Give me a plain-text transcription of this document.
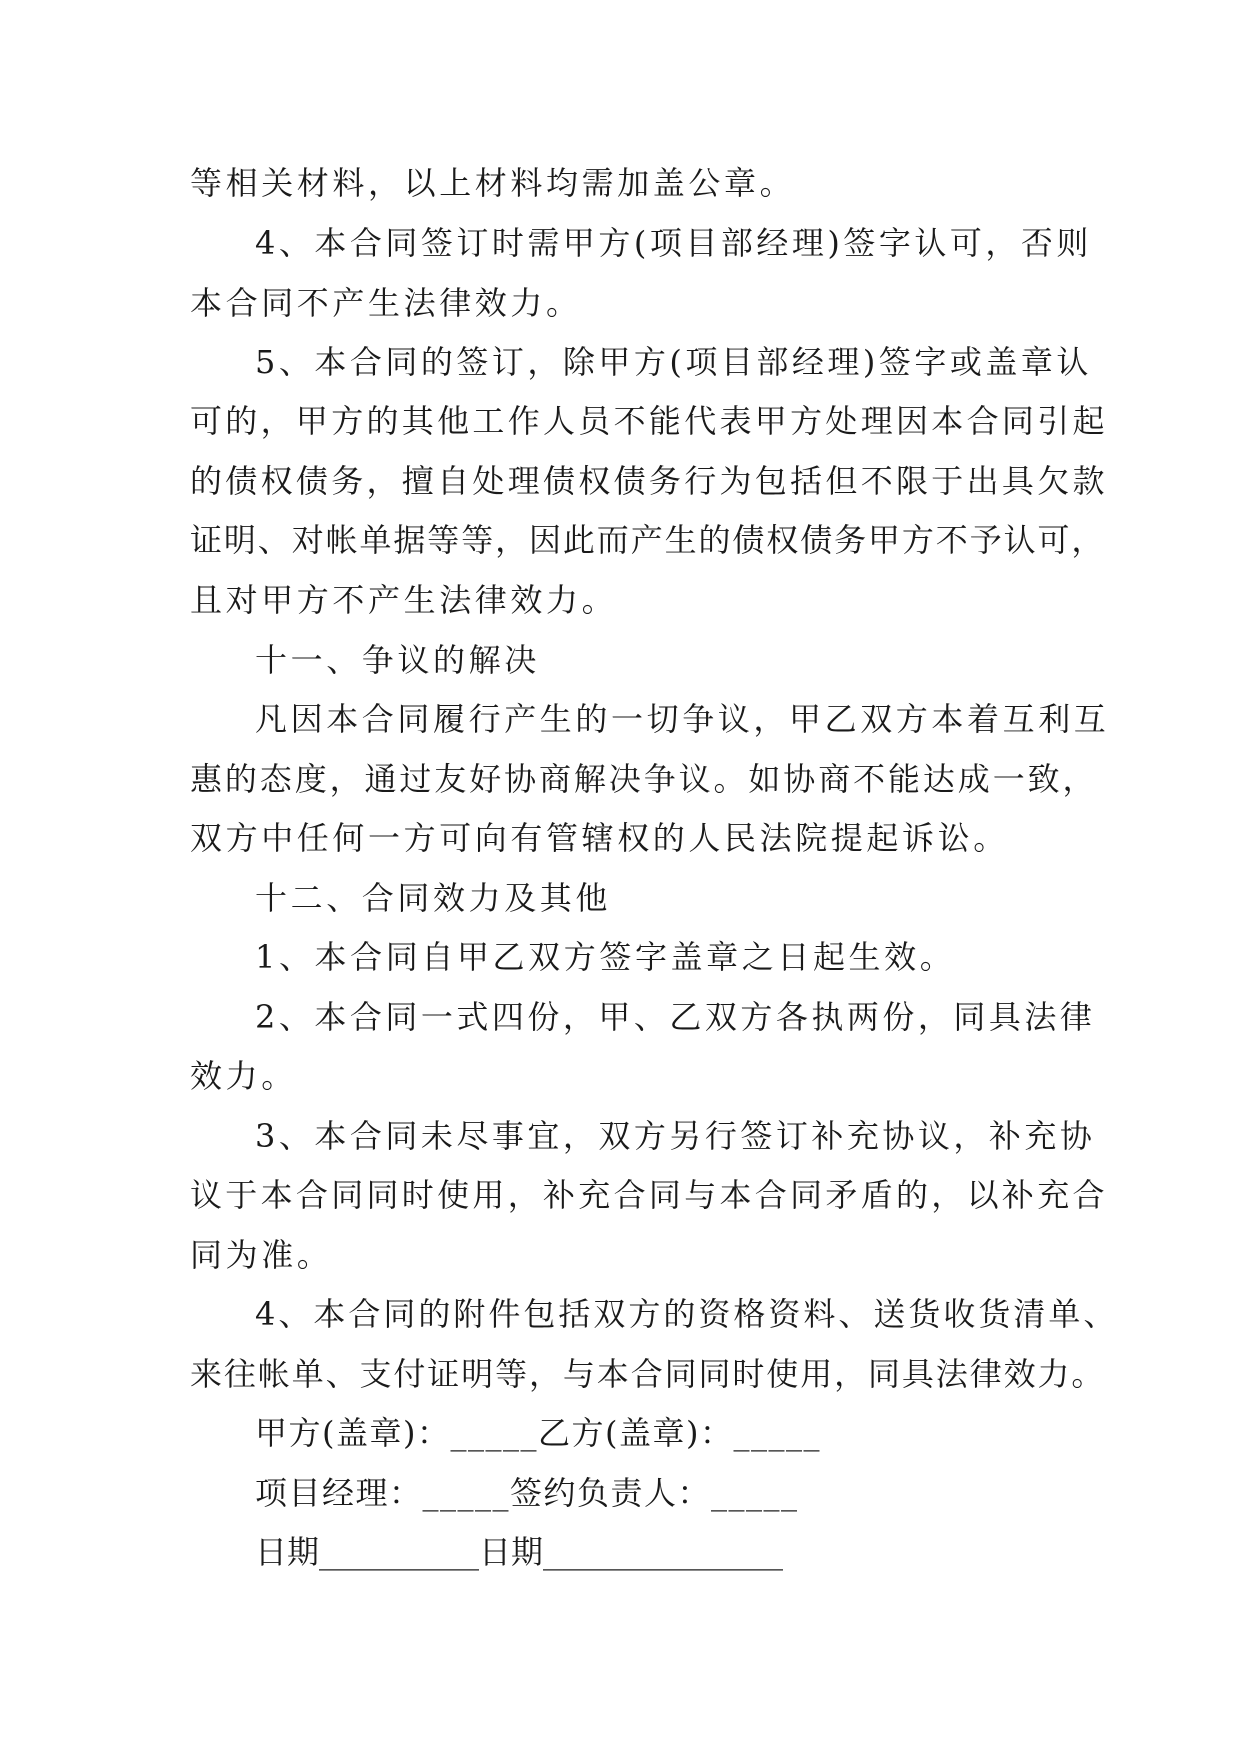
等相关材料，以上材料均需加盖公章。
4、本合同签订时需甲方(项目部经理)签字认可，否则
本合同不产生法律效力。
5、本合同的签订，除甲方(项目部经理)签字或盖章认
可的，甲方的其他工作人员不能代表甲方处理因本合同引起
的债权债务，擅自处理债权债务行为包括但不限于出具欠款
证明、对帐单据等等，因此而产生的债权债务甲方不予认可，
且对甲方不产生法律效力。
十一、争议的解决
凡因本合同履行产生的一切争议，甲乙双方本着互利互
惠的态度，通过友好协商解决争议。如协商不能达成一致，
双方中任何一方可向有管辖权的人民法院提起诉讼。
十二、合同效力及其他
1、本合同自甲乙双方签字盖章之日起生效。
2、本合同一式四份，甲、乙双方各执两份，同具法律
效力。
3、本合同未尽事宜，双方另行签订补充协议，补充协
议于本合同同时使用，补充合同与本合同矛盾的，以补充合
同为准。
4、本合同的附件包括双方的资格资料、送货收货清单、
来往帐单、支付证明等，与本合同同时使用，同具法律效力。
甲方(盖章)：_____乙方(盖章)：_____
项目经理：_____签约负责人：_____
日期__________日期_______________
